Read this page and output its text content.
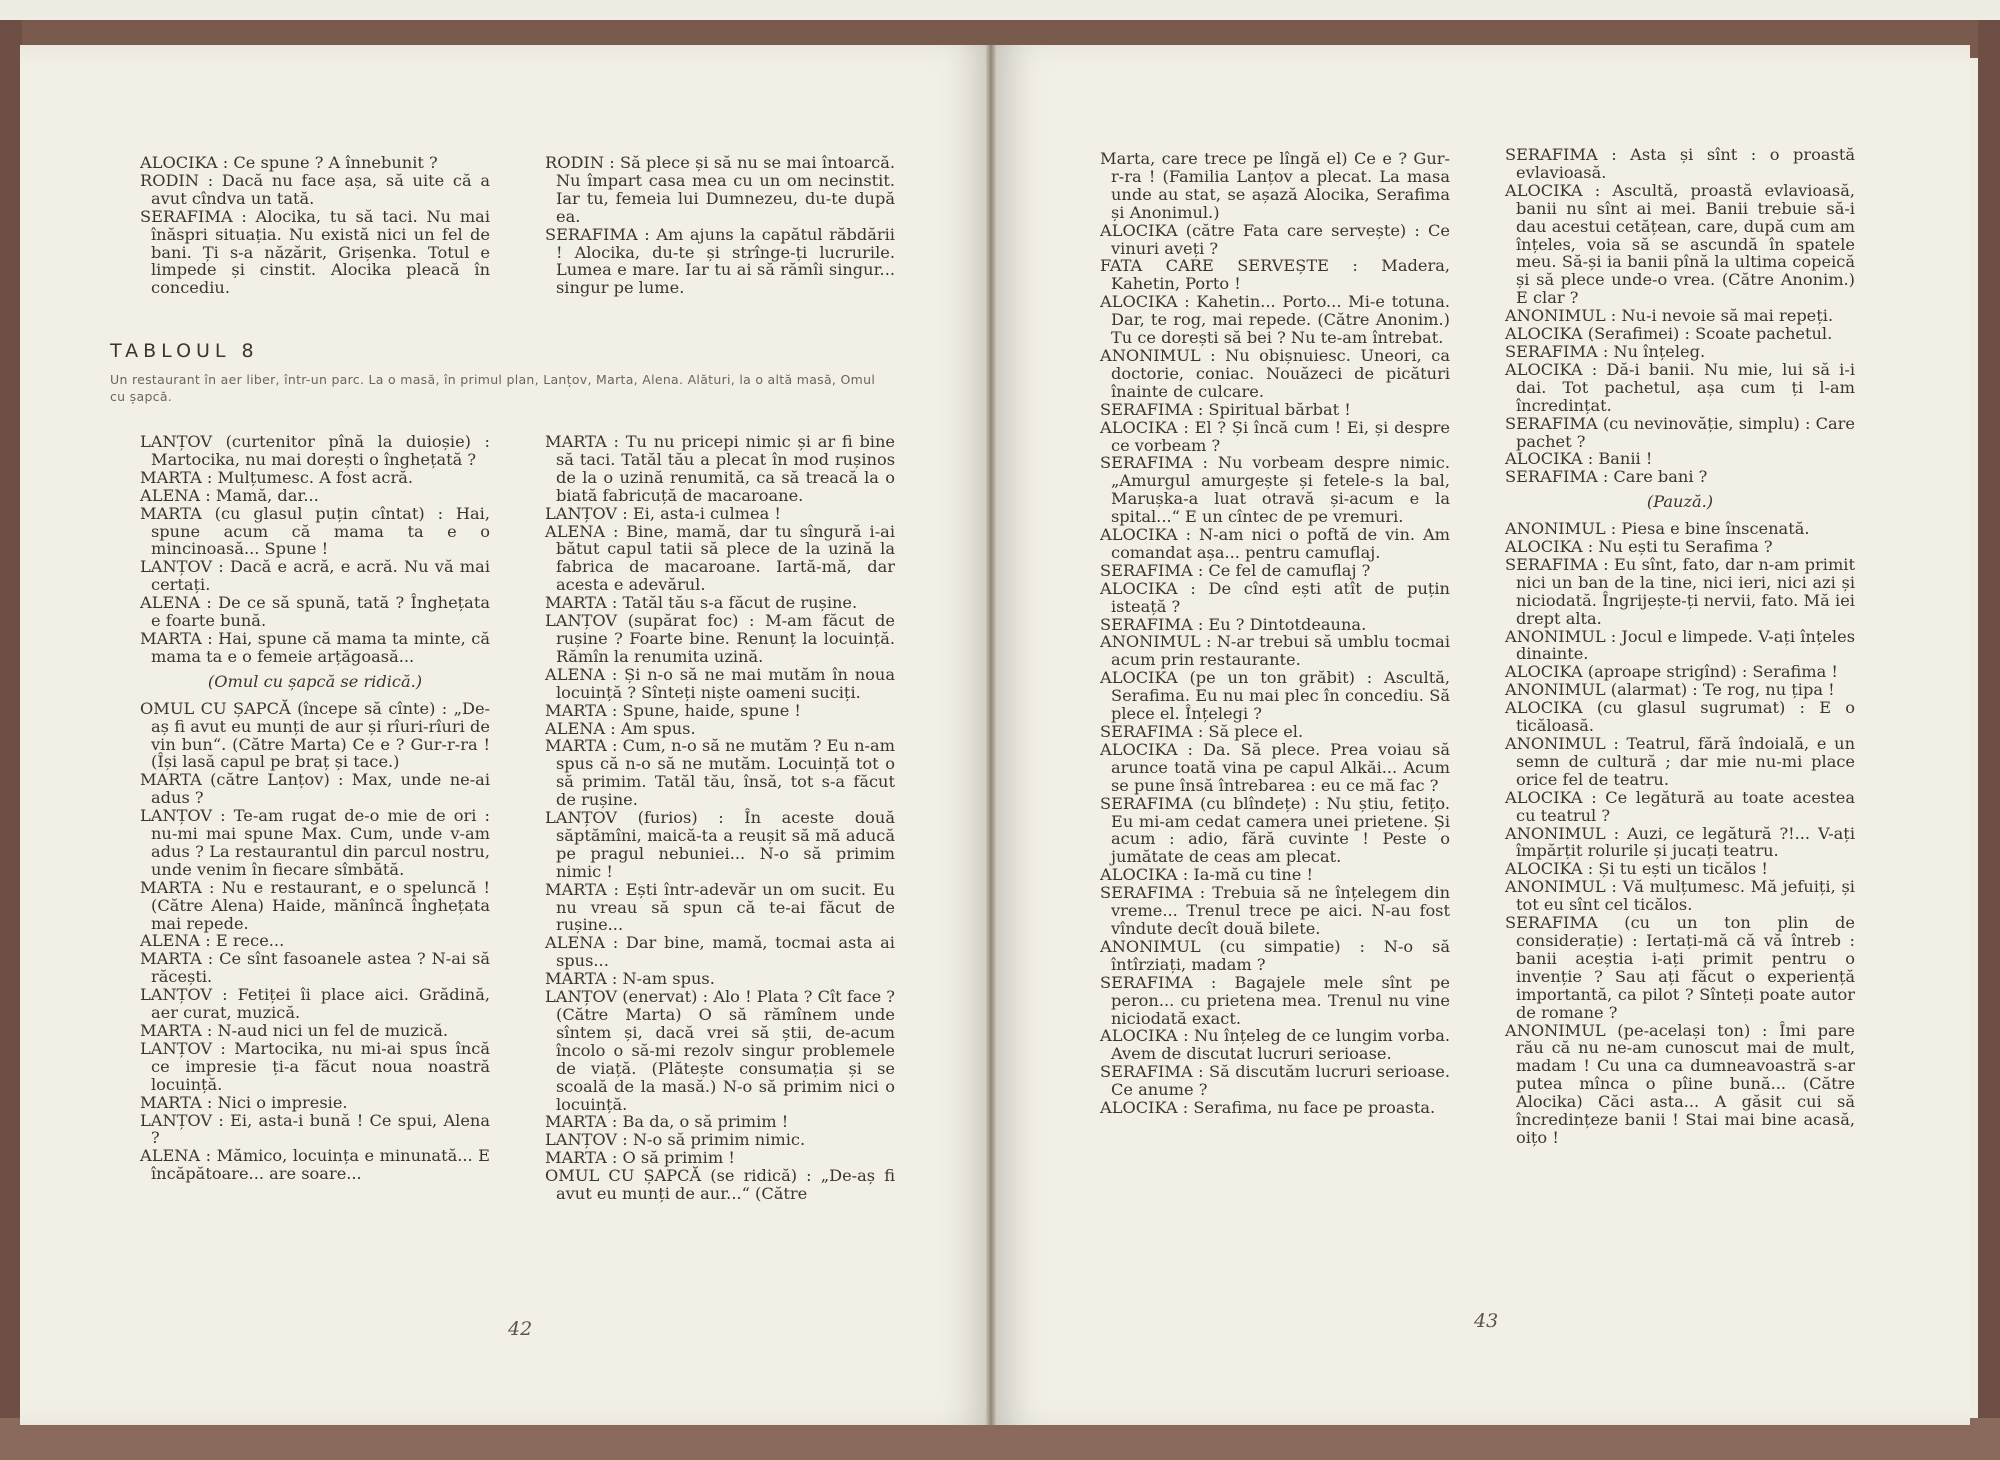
ALOCIKA : Ce spune ? A înnebunit ?

RODIN : Dacă nu face așa, să uite că a avut cîndva un tată.

SERAFIMA : Alocika, tu să taci. Nu mai înăspri situația. Nu există nici un fel de bani. Ți s-a năzărit, Grișenka. Totul e limpede și cinstit. Alocika pleacă în concediu.

RODIN : Să plece și să nu se mai întoarcă. Nu împart casa mea cu un om necinstit. Iar tu, femeia lui Dumnezeu, du-te după ea.

SERAFIMA : Am ajuns la capătul răbdării ! Alocika, du-te și strînge-ți lucrurile. Lumea e mare. Iar tu ai să rămîi singur... singur pe lume.

TABLOUL 8
Un restaurant în aer liber, într-un parc. La o masă, în primul plan, Lanțov, Marta, Alena. Alături, la o altă masă, Omul cu șapcă.

LANȚOV (curtenitor pînă la duioșie) : Martocika, nu mai dorești o înghețată ?

MARTA : Mulțumesc. A fost acră.

ALENA : Mamă, dar...

MARTA (cu glasul puțin cîntat) : Hai, spune acum că mama ta e o mincinoasă... Spune !

LANȚOV : Dacă e acră, e acră. Nu vă mai certați.

ALENA : De ce să spună, tată ? Înghețata e foarte bună.

MARTA : Hai, spune că mama ta minte, că mama ta e o femeie arțăgoasă...

(Omul cu șapcă se ridică.)

OMUL CU ȘAPCĂ (începe să cînte) : „De-aș fi avut eu munți de aur și rîuri-rîuri de vin bun“. (Către Marta) Ce e ? Gur-r-ra ! (Își lasă capul pe braț și tace.)

MARTA (către Lanțov) : Max, unde ne-ai adus ?

LANȚOV : Te-am rugat de-o mie de ori : nu-mi mai spune Max. Cum, unde v-am adus ? La restaurantul din parcul nostru, unde venim în fiecare sîmbătă.

MARTA : Nu e restaurant, e o speluncă ! (Către Alena) Haide, mănîncă înghețata mai repede.

ALENA : E rece...

MARTA : Ce sînt fasoanele astea ? N-ai să răcești.

LANȚOV : Fetiței îi place aici. Grădină, aer curat, muzică.

MARTA : N-aud nici un fel de muzică.

LANȚOV : Martocika, nu mi-ai spus încă ce impresie ți-a făcut noua noastră locuință.

MARTA : Nici o impresie.

LANȚOV : Ei, asta-i bună ! Ce spui, Alena ?

ALENA : Mămico, locuința e minunată... E încăpătoare... are soare...

MARTA : Tu nu pricepi nimic și ar fi bine să taci. Tatăl tău a plecat în mod rușinos de la o uzină renumită, ca să treacă la o biată fabricuță de macaroane.

LANȚOV : Ei, asta-i culmea !

ALENA : Bine, mamă, dar tu sîngură i-ai bătut capul tatii să plece de la uzină la fabrica de macaroane. Iartă-mă, dar acesta e adevărul.

MARTA : Tatăl tău s-a făcut de rușine.

LANȚOV (supărat foc) : M-am făcut de rușine ? Foarte bine. Renunț la locuință. Rămîn la renumita uzină.

ALENA : Și n-o să ne mai mutăm în noua locuință ? Sînteți niște oameni suciți.

MARTA : Spune, haide, spune !

ALENA : Am spus.

MARTA : Cum, n-o să ne mutăm ? Eu n-am spus că n-o să ne mutăm. Locuință tot o să primim. Tatăl tău, însă, tot s-a făcut de rușine.

LANȚOV (furios) : În aceste două săptămîni, maică-ta a reușit să mă aducă pe pragul nebuniei... N-o să primim nimic !

MARTA : Ești într-adevăr un om sucit. Eu nu vreau să spun că te-ai făcut de rușine...

ALENA : Dar bine, mamă, tocmai asta ai spus...

MARTA : N-am spus.

LANȚOV (enervat) : Alo ! Plata ? Cît face ? (Către Marta) O să rămînem unde sîntem și, dacă vrei să știi, de-acum încolo o să-mi rezolv singur problemele de viață. (Plătește consumația și se scoală de la masă.) N-o să primim nici o locuință.

MARTA : Ba da, o să primim !

LANȚOV : N-o să primim nimic.

MARTA : O să primim !

OMUL CU ȘAPCĂ (se ridică) : „De-aș fi avut eu munți de aur...“ (Către

42

Marta, care trece pe lîngă el) Ce e ? Gur-r-ra ! (Familia Lanțov a plecat. La masa unde au stat, se așază Alocika, Serafima și Anonimul.)

ALOCIKA (către Fata care servește) : Ce vinuri aveți ?

FATA CARE SERVEȘTE : Madera, Kahetin, Porto !

ALOCIKA : Kahetin... Porto... Mi-e totuna. Dar, te rog, mai repede. (Către Anonim.) Tu ce dorești să bei ? Nu te-am întrebat.

ANONIMUL : Nu obișnuiesc. Uneori, ca doctorie, coniac. Nouăzeci de picături înainte de culcare.

SERAFIMA : Spiritual bărbat !

ALOCIKA : El ? Și încă cum ! Ei, și despre ce vorbeam ?

SERAFIMA : Nu vorbeam despre nimic. „Amurgul amurgește și fetele-s la bal, Marușka-a luat otravă și-acum e la spital...“ E un cîntec de pe vremuri.

ALOCIKA : N-am nici o poftă de vin. Am comandat așa... pentru camuflaj.

SERAFIMA : Ce fel de camuflaj ?

ALOCIKA : De cînd ești atît de puțin isteață ?

SERAFIMA : Eu ? Dintotdeauna.

ANONIMUL : N-ar trebui să umblu tocmai acum prin restaurante.

ALOCIKA (pe un ton grăbit) : Ascultă, Serafima. Eu nu mai plec în concediu. Să plece el. Înțelegi ?

SERAFIMA : Să plece el.

ALOCIKA : Da. Să plece. Prea voiau să arunce toată vina pe capul Alkăi... Acum se pune însă întrebarea : eu ce mă fac ?

SERAFIMA (cu blîndețe) : Nu știu, fetițo. Eu mi-am cedat camera unei prietene. Și acum : adio, fără cuvinte ! Peste o jumătate de ceas am plecat.

ALOCIKA : Ia-mă cu tine !

SERAFIMA : Trebuia să ne înțelegem din vreme... Trenul trece pe aici. N-au fost vîndute decît două bilete.

ANONIMUL (cu simpatie) : N-o să întîrziați, madam ?

SERAFIMA : Bagajele mele sînt pe peron... cu prietena mea. Trenul nu vine niciodată exact.

ALOCIKA : Nu înțeleg de ce lungim vorba. Avem de discutat lucruri serioase.

SERAFIMA : Să discutăm lucruri serioase. Ce anume ?

ALOCIKA : Serafima, nu face pe proasta.

SERAFIMA : Asta și sînt : o proastă evlavioasă.

ALOCIKA : Ascultă, proastă evlavioasă, banii nu sînt ai mei. Banii trebuie să-i dau acestui cetățean, care, după cum am înțeles, voia să se ascundă în spatele meu. Să-și ia banii pînă la ultima copeică și să plece unde-o vrea. (Către Anonim.) E clar ?

ANONIMUL : Nu-i nevoie să mai repeți.

ALOCIKA (Serafimei) : Scoate pachetul.

SERAFIMA : Nu înțeleg.

ALOCIKA : Dă-i banii. Nu mie, lui să i-i dai. Tot pachetul, așa cum ți l-am încredințat.

SERAFIMA (cu nevinovăție, simplu) : Care pachet ?

ALOCIKA : Banii !

SERAFIMA : Care bani ?

(Pauză.)

ANONIMUL : Piesa e bine înscenată.

ALOCIKA : Nu ești tu Serafima ?

SERAFIMA : Eu sînt, fato, dar n-am primit nici un ban de la tine, nici ieri, nici azi și niciodată. Îngrijește-ți nervii, fato. Mă iei drept alta.

ANONIMUL : Jocul e limpede. V-ați înțeles dinainte.

ALOCIKA (aproape strigînd) : Serafima !

ANONIMUL (alarmat) : Te rog, nu țipa !

ALOCIKA (cu glasul sugrumat) : E o ticăloasă.

ANONIMUL : Teatrul, fără îndoială, e un semn de cultură ; dar mie nu-mi place orice fel de teatru.

ALOCIKA : Ce legătură au toate acestea cu teatrul ?

ANONIMUL : Auzi, ce legătură ?!... V-ați împărțit rolurile și jucați teatru.

ALOCIKA : Și tu ești un ticălos !

ANONIMUL : Vă mulțumesc. Mă jefuiți, și tot eu sînt cel ticălos.

SERAFIMA (cu un ton plin de considerație) : Iertați-mă că vă întreb : banii aceștia i-ați primit pentru o invenție ? Sau ați făcut o experiență importantă, ca pilot ? Sînteți poate autor de romane ?

ANONIMUL (pe-același ton) : Îmi pare rău că nu ne-am cunoscut mai de mult, madam ! Cu una ca dumneavoastră s-ar putea mînca o pîine bună... (Către Alocika) Căci asta... A găsit cui să încredințeze banii ! Stai mai bine acasă, oițo !

43
